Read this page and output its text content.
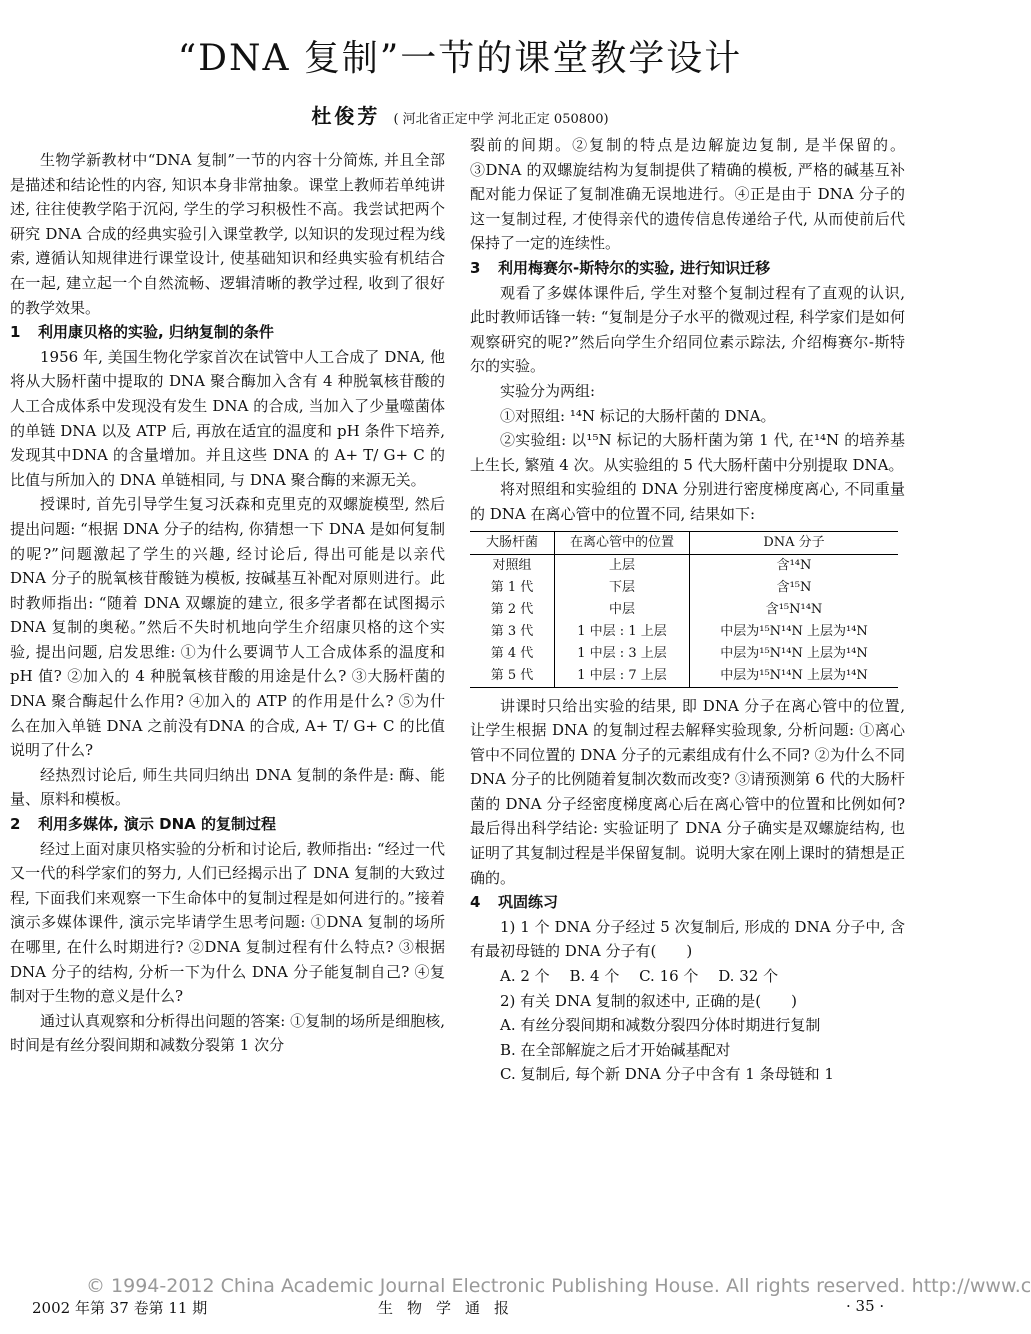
“DNA 复制”一节的课堂教学设计
杜俊芳 ( 河北省正定中学 河北正定 050800)

生物学新教材中“DNA 复制”一节的内容十分简炼, 并且全部是描述和结论性的内容, 知识本身非常抽象。课堂上教师若单纯讲述, 往往使教学陷于沉闷, 学生的学习积极性不高。我尝试把两个研究 DNA 合成的经典实验引入课堂教学, 以知识的发现过程为线索, 遵循认知规律进行课堂设计, 使基础知识和经典实验有机结合在一起, 建立起一个自然流畅、逻辑清晰的教学过程, 收到了很好的教学效果。

1 利用康贝格的实验, 归纳复制的条件

1956 年, 美国生物化学家首次在试管中人工合成了 DNA, 他将从大肠杆菌中提取的 DNA 聚合酶加入含有 4 种脱氧核苷酸的人工合成体系中发现没有发生 DNA 的合成, 当加入了少量噬菌体的单链 DNA 以及 ATP 后, 再放在适宜的温度和 pH 条件下培养, 发现其中DNA 的含量增加。并且这些 DNA 的 A+ T/ G+ C 的比值与所加入的 DNA 单链相同, 与 DNA 聚合酶的来源无关。

授课时, 首先引导学生复习沃森和克里克的双螺旋模型, 然后提出问题: “根据 DNA 分子的结构, 你猜想一下 DNA 是如何复制的呢?”问题激起了学生的兴趣, 经讨论后, 得出可能是以亲代 DNA 分子的脱氧核苷酸链为模板, 按碱基互补配对原则进行。此时教师指出: “随着 DNA 双螺旋的建立, 很多学者都在试图揭示 DNA 复制的奥秘。”然后不失时机地向学生介绍康贝格的这个实验, 提出问题, 启发思维: ①为什么要调节人工合成体系的温度和 pH 值? ②加入的 4 种脱氧核苷酸的用途是什么? ③大肠杆菌的 DNA 聚合酶起什么作用? ④加入的 ATP 的作用是什么? ⑤为什么在加入单链 DNA 之前没有DNA 的合成, A+ T/ G+ C 的比值说明了什么?

经热烈讨论后, 师生共同归纳出 DNA 复制的条件是: 酶、能量、原料和模板。

2 利用多媒体, 演示 DNA 的复制过程

经过上面对康贝格实验的分析和讨论后, 教师指出: “经过一代又一代的科学家们的努力, 人们已经揭示出了 DNA 复制的大致过程, 下面我们来观察一下生命体中的复制过程是如何进行的。”接着演示多媒体课件, 演示完毕请学生思考问题: ①DNA 复制的场所在哪里, 在什么时期进行? ②DNA 复制过程有什么特点? ③根据 DNA 分子的结构, 分析一下为什么 DNA 分子能复制自己? ④复制对于生物的意义是什么?

通过认真观察和分析得出问题的答案: ①复制的场所是细胞核, 时间是有丝分裂间期和减数分裂第 1 次分

裂前的间期。②复制的特点是边解旋边复制, 是半保留的。③DNA 的双螺旋结构为复制提供了精确的模板, 严格的碱基互补配对能力保证了复制准确无误地进行。④正是由于 DNA 分子的这一复制过程, 才使得亲代的遗传信息传递给子代, 从而使前后代保持了一定的连续性。

3 利用梅赛尔-斯特尔的实验, 进行知识迁移

观看了多媒体课件后, 学生对整个复制过程有了直观的认识, 此时教师话锋一转: “复制是分子水平的微观过程, 科学家们是如何观察研究的呢?”然后向学生介绍同位素示踪法, 介绍梅赛尔-斯特尔的实验。

实验分为两组:

①对照组: ¹⁴N 标记的大肠杆菌的 DNA。

②实验组: 以¹⁵N 标记的大肠杆菌为第 1 代, 在¹⁴N 的培养基上生长, 繁殖 4 次。从实验组的 5 代大肠杆菌中分别提取 DNA。

将对照组和实验组的 DNA 分别进行密度梯度离心, 不同重量的 DNA 在离心管中的位置不同, 结果如下:

大肠杆菌	在离心管中的位置	DNA 分子
对照组	上层	含¹⁴N
第 1 代	下层	含¹⁵N
第 2 代	中层	含¹⁵N¹⁴N
第 3 代	1 中层 : 1 上层	中层为¹⁵N¹⁴N 上层为¹⁴N
第 4 代	1 中层 : 3 上层	中层为¹⁵N¹⁴N 上层为¹⁴N
第 5 代	1 中层 : 7 上层	中层为¹⁵N¹⁴N 上层为¹⁴N

讲课时只给出实验的结果, 即 DNA 分子在离心管中的位置, 让学生根据 DNA 的复制过程去解释实验现象, 分析问题: ①离心管中不同位置的 DNA 分子的元素组成有什么不同? ②为什么不同 DNA 分子的比例随着复制次数而改变? ③请预测第 6 代的大肠杆菌的 DNA 分子经密度梯度离心后在离心管中的位置和比例如何? 最后得出科学结论: 实验证明了 DNA 分子确实是双螺旋结构, 也证明了其复制过程是半保留复制。说明大家在刚上课时的猜想是正确的。

4 巩固练习

1) 1 个 DNA 分子经过 5 次复制后, 形成的 DNA 分子中, 含有最初母链的 DNA 分子有(　　)

A. 2 个　 B. 4 个　 C. 16 个　 D. 32 个

2) 有关 DNA 复制的叙述中, 正确的是(　　)

A. 有丝分裂间期和减数分裂四分体时期进行复制

B. 在全部解旋之后才开始碱基配对

C. 复制后, 每个新 DNA 分子中含有 1 条母链和 1

© 1994-2012 China Academic Journal Electronic Publishing House. All rights reserved. http://www.c
2002 年第 37 卷第 11 期	生物学通报	· 35 ·
